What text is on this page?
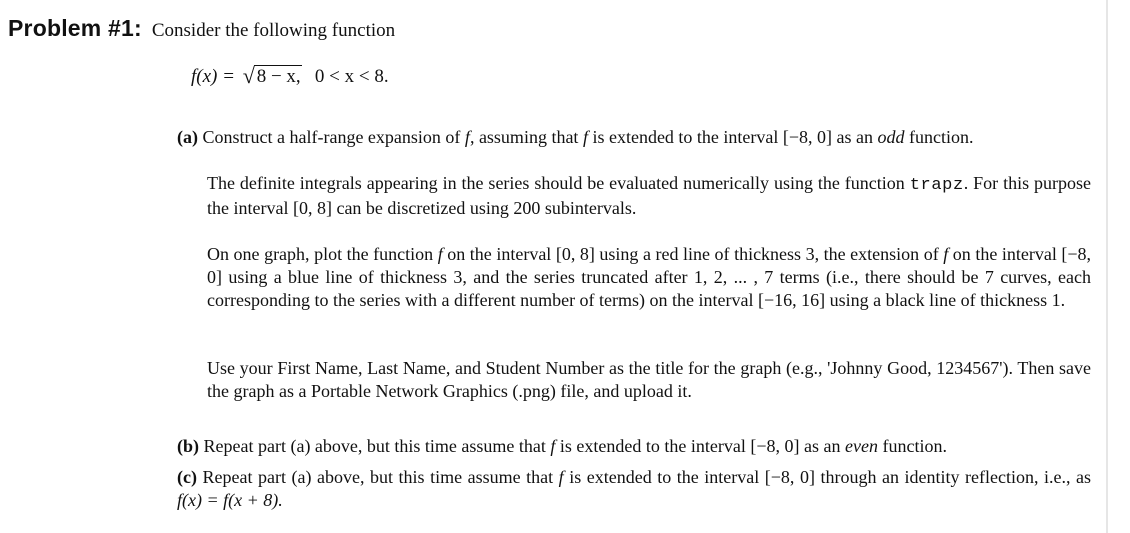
Problem #1: Consider the following function
f(x) = √ 8 − x, 0 < x < 8.
(a) Construct a half-range expansion of f, assuming that f is extended to the interval [−8, 0] as an odd function.
The definite integrals appearing in the series should be evaluated numerically using the function trapz. For this purpose the interval [0, 8] can be discretized using 200 subintervals.
On one graph, plot the function f on the interval [0, 8] using a red line of thickness 3, the extension of f on the interval [−8, 0] using a blue line of thickness 3, and the series truncated after 1, 2, ... , 7 terms (i.e., there should be 7 curves, each corresponding to the series with a different number of terms) on the interval [−16, 16] using a black line of thickness 1.
Use your First Name, Last Name, and Student Number as the title for the graph (e.g., 'Johnny Good, 1234567'). Then save the graph as a Portable Network Graphics (.png) file, and upload it.
(b) Repeat part (a) above, but this time assume that f is extended to the interval [−8, 0] as an even function.
(c) Repeat part (a) above, but this time assume that f is extended to the interval [−8, 0] through an identity reflection, i.e., as f(x) = f(x + 8).
